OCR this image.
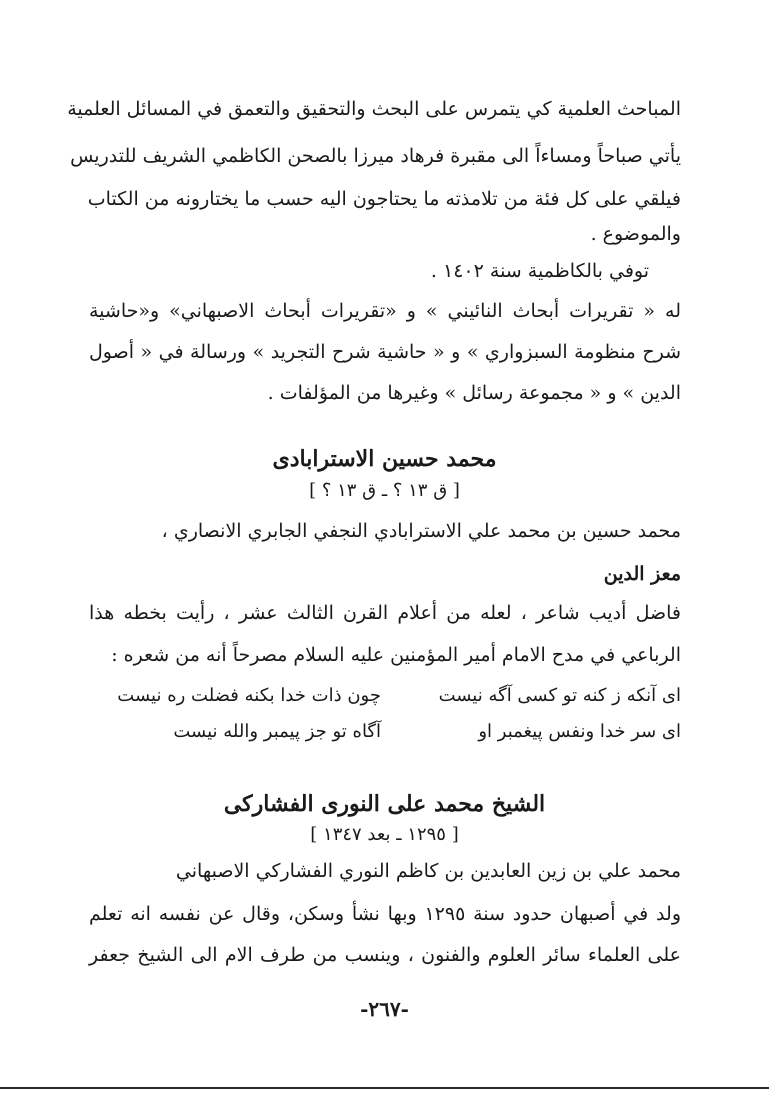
المباحث العلمية كي يتمرس على البحث والتحقيق والتعمق في المسائل العلمية
يأتي صباحاً ومساءاً الى مقبرة فرهاد ميرزا بالصحن الكاظمي الشريف للتدريس
فيلقي على كل فئة من تلامذته ما يحتاجون اليه حسب ما يختارونه من الكتاب
والموضوع .
توفي بالكاظمية سنة ١٤٠٢ .
له « تقريرات أبحاث النائيني » و «تقريرات أبحاث الاصبهاني» و«حاشية
شرح منظومة السبزواري » و « حاشية شرح التجريد » ورسالة في « أصول
الدين » و « مجموعة رسائل » وغيرها من المؤلفات .
محمد حسين الاسترابادى
[ ق ١٣ ؟ ـ ق ١٣ ؟ ]
محمد حسين بن محمد علي الاسترابادي النجفي الجابري الانصاري ،
معز الدين
فاضل أديب شاعر ، لعله من أعلام القرن الثالث عشر ، رأيت بخطه هذا
الرباعي في مدح الامام أمير المؤمنين عليه السلام مصرحاً أنه من شعره :
ای آنکه ز کنه تو کسی آگه نیست
چون ذات خدا بکنه فضلت ره نیست
ای سر خدا ونفس پیغمبر او
آگاه تو جز پیمبر والله نیست
الشيخ محمد على النورى الفشاركى
[ ١٢٩٥ ـ بعد ١٣٤٧ ]
محمد علي بن زين العابدين بن كاظم النوري الفشاركي الاصبهاني
ولد في أصبهان حدود سنة ١٢٩٥ وبها نشأ وسكن، وقال عن نفسه انه تعلم
على العلماء سائر العلوم والفنون ، وينسب من طرف الام الى الشيخ جعفر
-٢٦٧-
